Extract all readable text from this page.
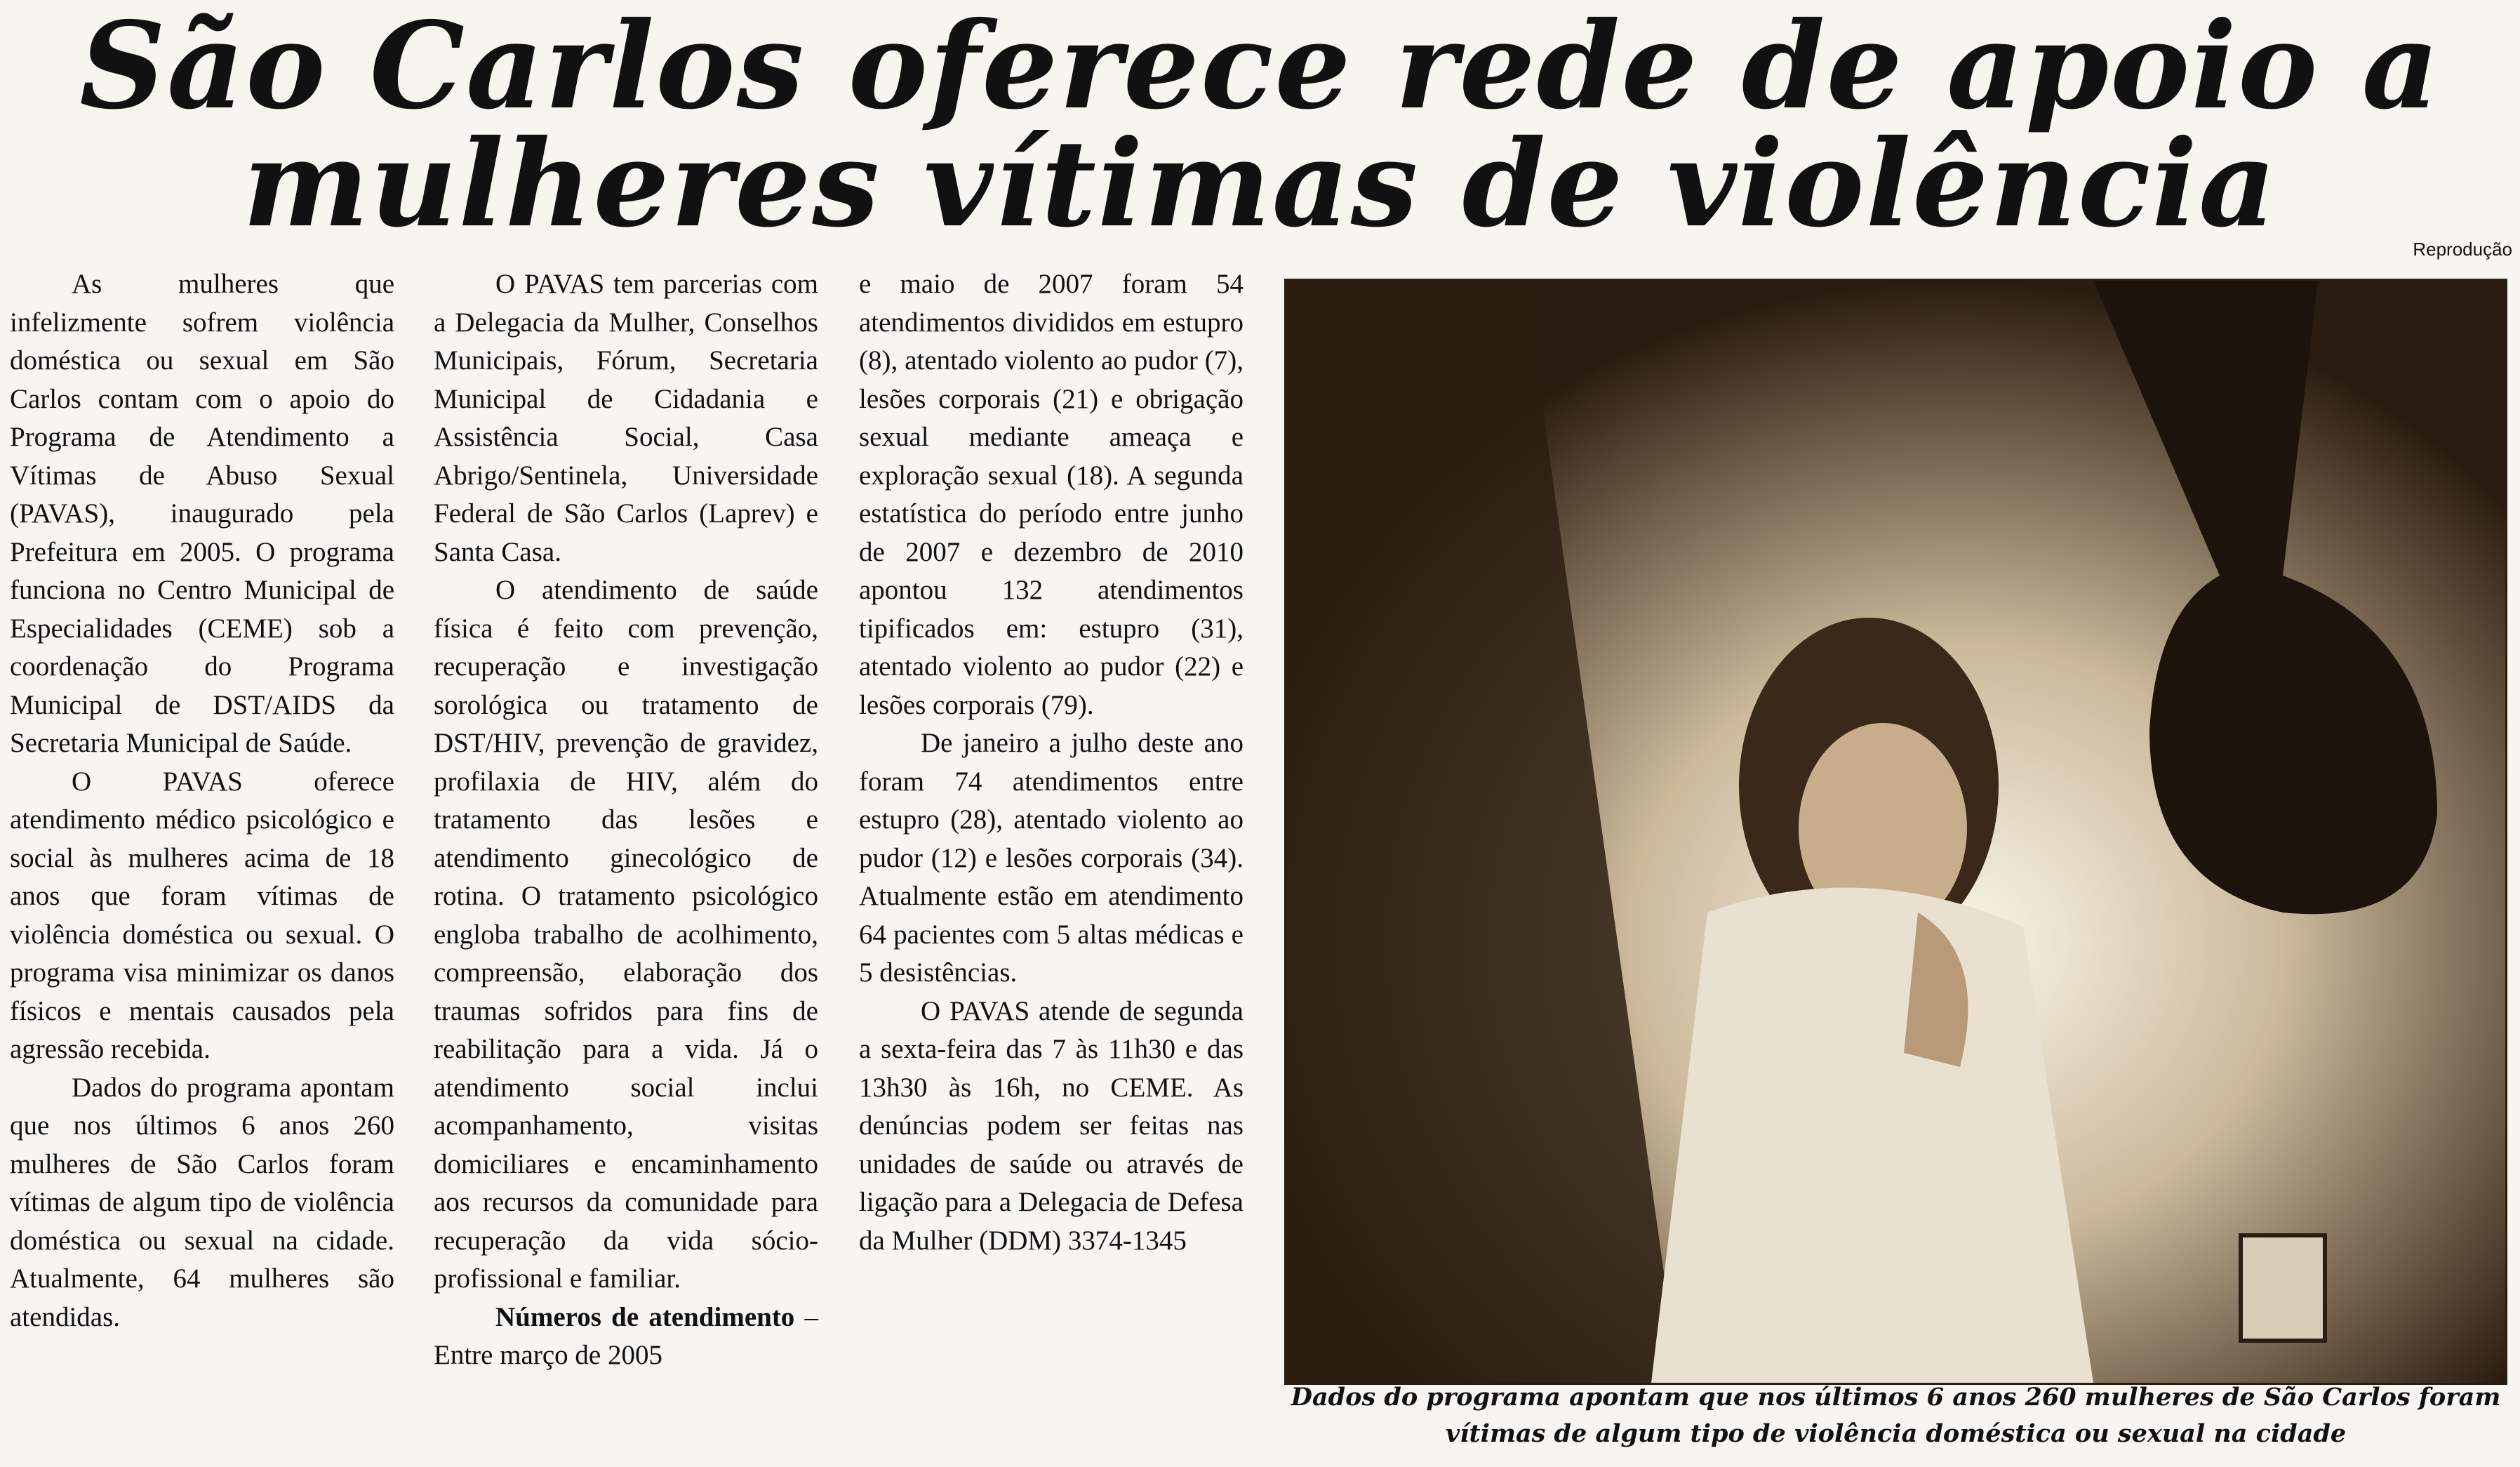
São Carlos oferece rede de apoio a
mulheres vítimas de violência

As mulheres que infelizmente sofrem violência doméstica ou sexual em São Carlos contam com o apoio do Programa de Atendimento a Vítimas de Abuso Sexual (PAVAS), inaugurado pela Prefeitura em 2005. O programa funciona no Centro Municipal de Especialidades (CEME) sob a coordenação do Programa Municipal de DST/AIDS da Secretaria Municipal de Saúde.

O PAVAS oferece atendimento médico psicológico e social às mulheres acima de 18 anos que foram vítimas de violência doméstica ou sexual. O programa visa minimizar os danos físicos e mentais causados pela agressão recebida.

Dados do programa apontam que nos últimos 6 anos 260 mulheres de São Carlos foram vítimas de algum tipo de violência doméstica ou sexual na cidade. Atualmente, 64 mulheres são atendidas.

O PAVAS tem parcerias com a Delegacia da Mulher, Conselhos Municipais, Fórum, Secretaria Municipal de Cidadania e Assistência Social, Casa Abrigo/Sentinela, Universidade Federal de São Carlos (Laprev) e Santa Casa.

O atendimento de saúde física é feito com prevenção, recuperação e investigação sorológica ou tratamento de DST/HIV, prevenção de gravidez, profilaxia de HIV, além do tratamento das lesões e atendimento ginecológico de rotina. O tratamento psicológico engloba trabalho de acolhimento, compreensão, elaboração dos traumas sofridos para fins de reabilitação para a vida. Já o atendimento social inclui acompanhamento, visitas domiciliares e encaminhamento aos recursos da comunidade para recuperação da vida sócio-profissional e familiar.

Números de atendimento – Entre março de 2005

e maio de 2007 foram 54 atendimentos divididos em estupro (8), atentado violento ao pudor (7), lesões corporais (21) e obrigação sexual mediante ameaça e exploração sexual (18). A segunda estatística do período entre junho de 2007 e dezembro de 2010 apontou 132 atendimentos tipificados em: estupro (31), atentado violento ao pudor (22) e lesões corporais (79).

De janeiro a julho deste ano foram 74 atendimentos entre estupro (28), atentado violento ao pudor (12) e lesões corporais (34). Atualmente estão em atendimento 64 pacientes com 5 altas médicas e 5 desistências.

O PAVAS atende de segunda a sexta-feira das 7 às 11h30 e das 13h30 às 16h, no CEME. As denúncias podem ser feitas nas unidades de saúde ou através de ligação para a Delegacia de Defesa da Mulher (DDM) 3374-1345

Reprodução
Dados do programa apontam que nos últimos 6 anos 260 mulheres de São Carlos foram vítimas de algum tipo de violência doméstica ou sexual na cidade
